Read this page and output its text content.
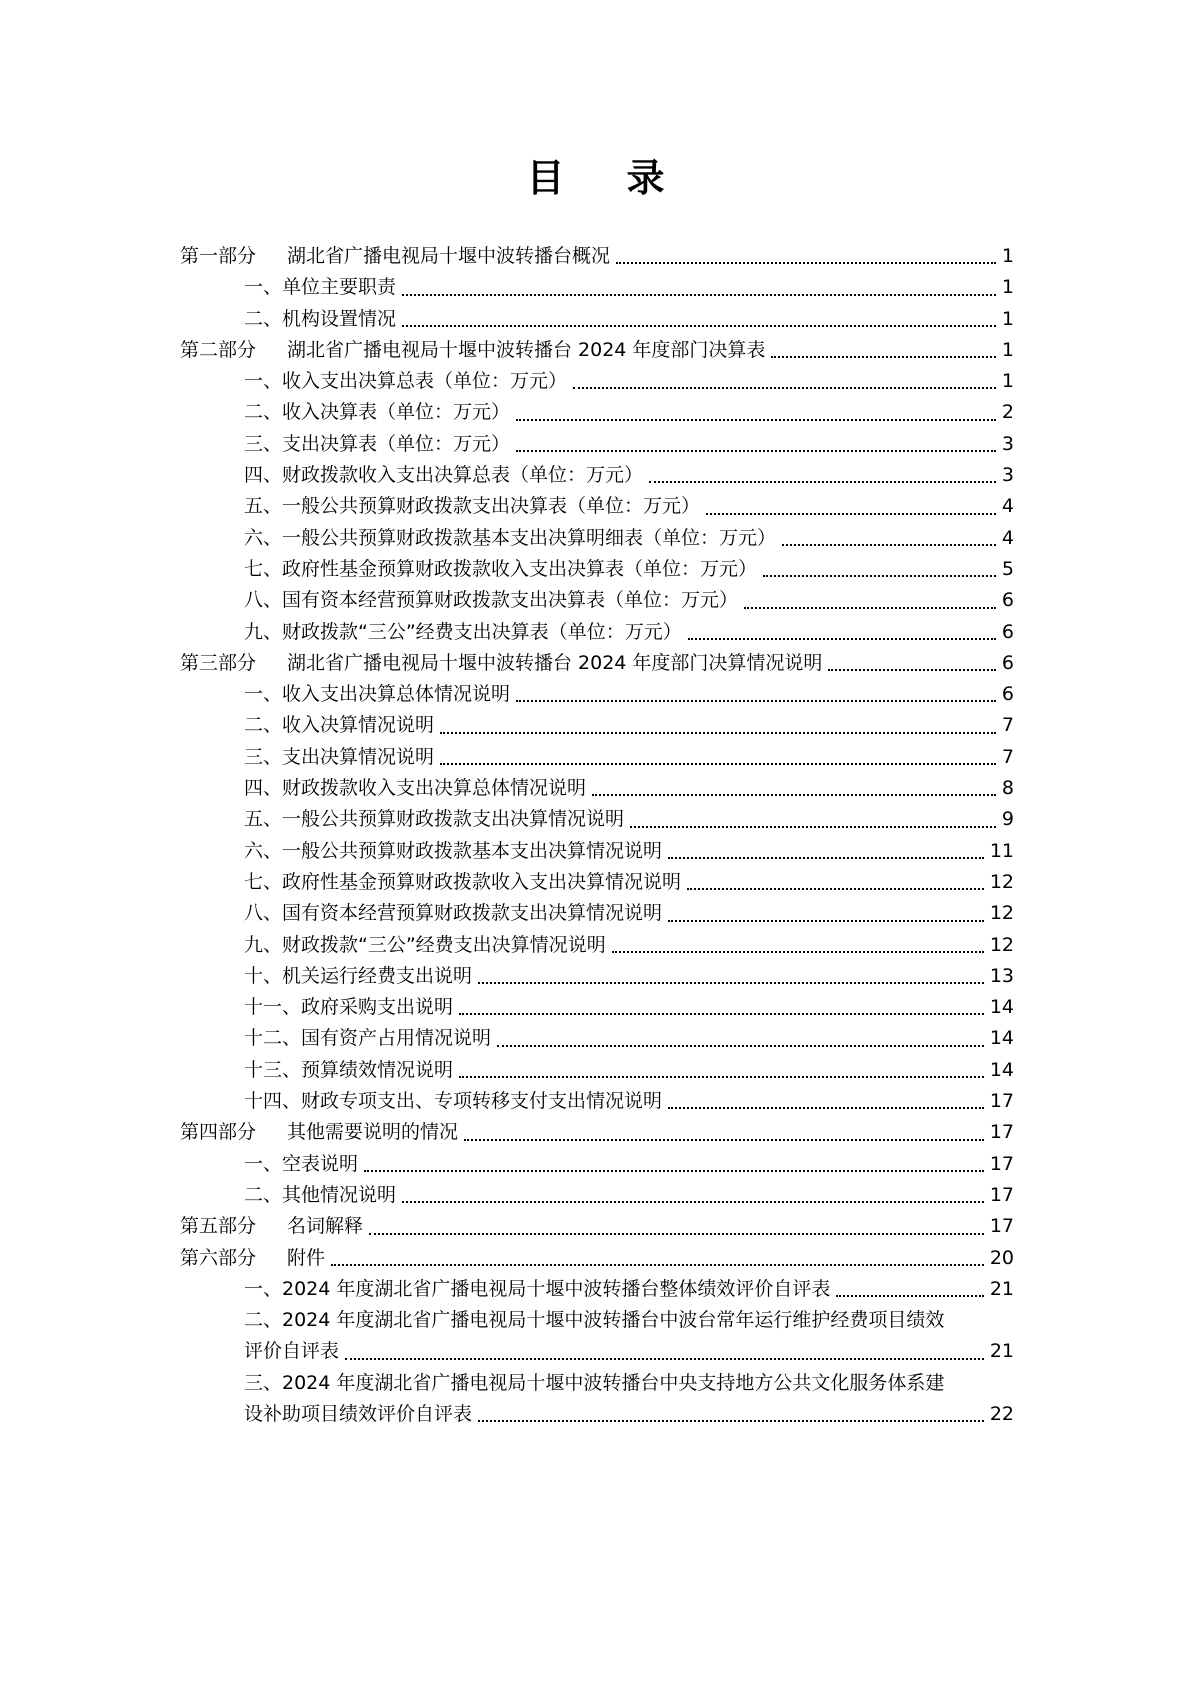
目 录
第一部分 湖北省广播电视局十堰中波转播台概况	1
一、单位主要职责	1
二、机构设置情况	1
第二部分 湖北省广播电视局十堰中波转播台 2024 年度部门决算表	1
一、收入支出决算总表（单位：万元）	1
二、收入决算表（单位：万元）	2
三、支出决算表（单位：万元）	3
四、财政拨款收入支出决算总表（单位：万元）	3
五、一般公共预算财政拨款支出决算表（单位：万元）	4
六、一般公共预算财政拨款基本支出决算明细表（单位：万元）	4
七、政府性基金预算财政拨款收入支出决算表（单位：万元）	5
八、国有资本经营预算财政拨款支出决算表（单位：万元）	6
九、财政拨款“三公”经费支出决算表（单位：万元）	6
第三部分 湖北省广播电视局十堰中波转播台 2024 年度部门决算情况说明	6
一、收入支出决算总体情况说明	6
二、收入决算情况说明	7
三、支出决算情况说明	7
四、财政拨款收入支出决算总体情况说明	8
五、一般公共预算财政拨款支出决算情况说明	9
六、一般公共预算财政拨款基本支出决算情况说明	11
七、政府性基金预算财政拨款收入支出决算情况说明	12
八、国有资本经营预算财政拨款支出决算情况说明	12
九、财政拨款“三公”经费支出决算情况说明	12
十、机关运行经费支出说明	13
十一、政府采购支出说明	14
十二、国有资产占用情况说明	14
十三、预算绩效情况说明	14
十四、财政专项支出、专项转移支付支出情况说明	17
第四部分 其他需要说明的情况	17
一、空表说明	17
二、其他情况说明	17
第五部分 名词解释	17
第六部分 附件	20
一、2024 年度湖北省广播电视局十堰中波转播台整体绩效评价自评表	21
二、2024 年度湖北省广播电视局十堰中波转播台中波台常年运行维护经费项目绩效
评价自评表	21
三、2024 年度湖北省广播电视局十堰中波转播台中央支持地方公共文化服务体系建
设补助项目绩效评价自评表	22
